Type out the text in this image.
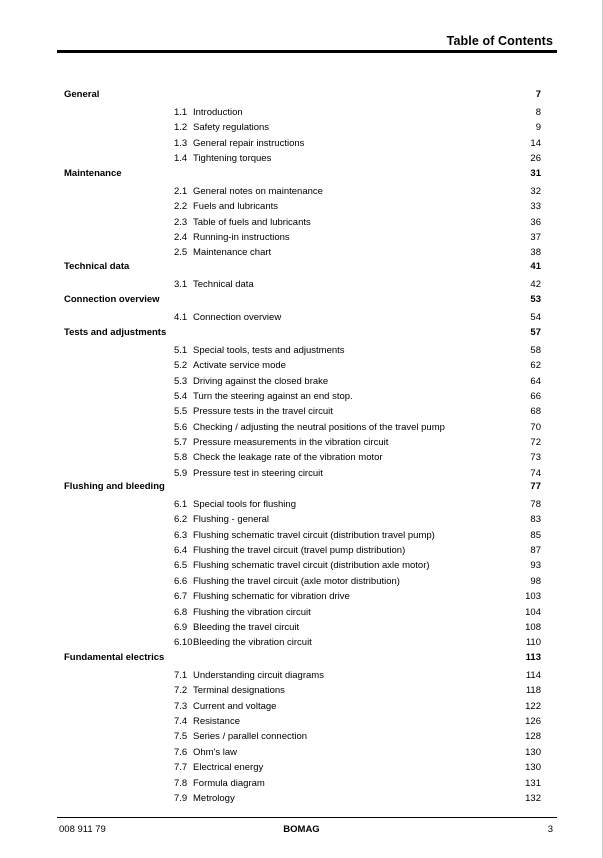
Table of Contents
General	7
1.1 Introduction	8
1.2 Safety regulations	9
1.3 General repair instructions	14
1.4 Tightening torques	26
Maintenance	31
2.1 General notes on maintenance	32
2.2 Fuels and lubricants	33
2.3 Table of fuels and lubricants	36
2.4 Running-in instructions	37
2.5 Maintenance chart	38
Technical data	41
3.1 Technical data	42
Connection overview	53
4.1 Connection overview	54
Tests and adjustments	57
5.1 Special tools, tests and adjustments	58
5.2 Activate service mode	62
5.3 Driving against the closed brake	64
5.4 Turn the steering against an end stop.	66
5.5 Pressure tests in the travel circuit	68
5.6 Checking / adjusting the neutral positions of the travel pump	70
5.7 Pressure measurements in the vibration circuit	72
5.8 Check the leakage rate of the vibration motor	73
5.9 Pressure test in steering circuit	74
Flushing and bleeding	77
6.1 Special tools for flushing	78
6.2 Flushing - general	83
6.3 Flushing schematic travel circuit (distribution travel pump)	85
6.4 Flushing the travel circuit (travel pump distribution)	87
6.5 Flushing schematic travel circuit (distribution axle motor)	93
6.6 Flushing the travel circuit (axle motor distribution)	98
6.7 Flushing schematic for vibration drive	103
6.8 Flushing the vibration circuit	104
6.9 Bleeding the travel circuit	108
6.10 Bleeding the vibration circuit	110
Fundamental electrics	113
7.1 Understanding circuit diagrams	114
7.2 Terminal designations	118
7.3 Current and voltage	122
7.4 Resistance	126
7.5 Series / parallel connection	128
7.6 Ohm's law	130
7.7 Electrical energy	130
7.8 Formula diagram	131
7.9 Metrology	132
008 911 79	BOMAG	3
